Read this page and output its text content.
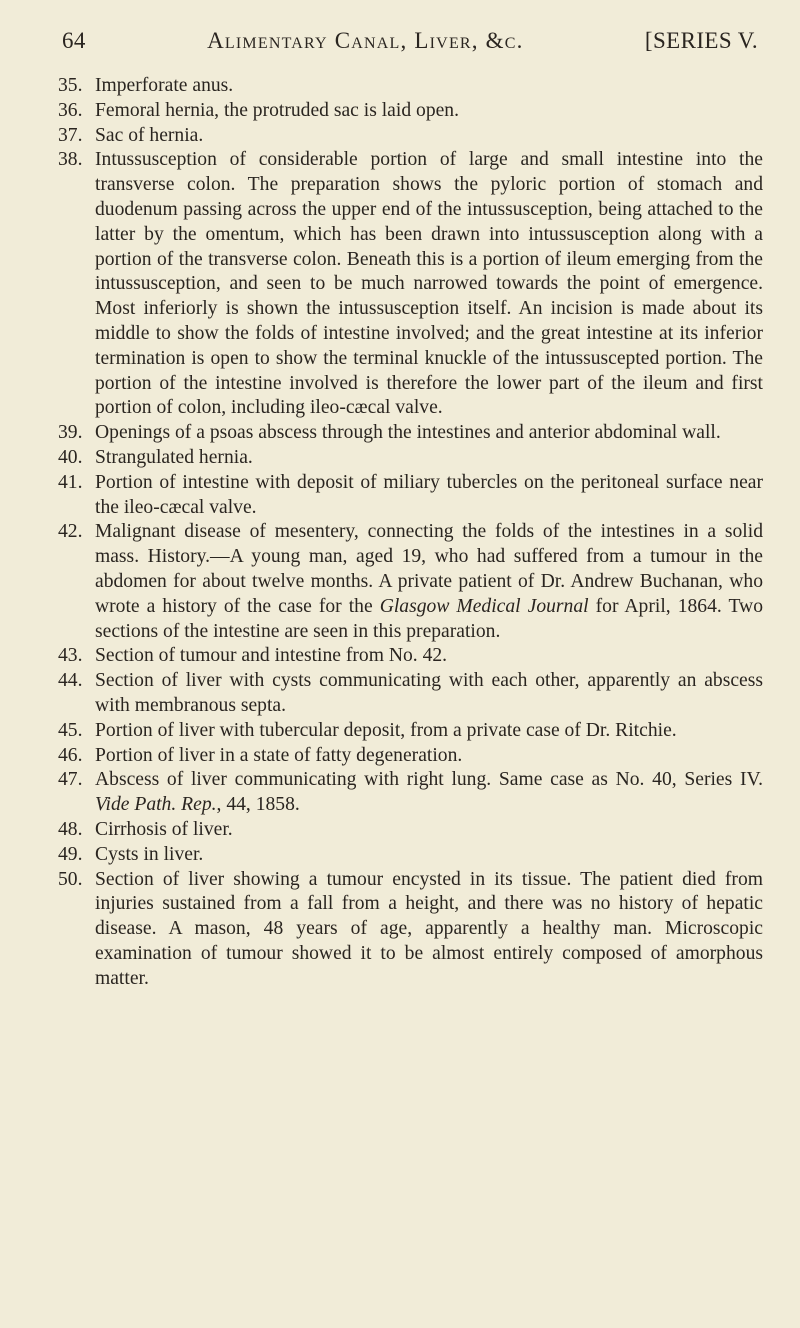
64	Alimentary Canal, Liver, &c.	[SERIES V.
35. Imperforate anus.

36. Femoral hernia, the protruded sac is laid open.

37. Sac of hernia.

38. Intussusception of considerable portion of large and small intestine into the transverse colon. The preparation shows the pyloric portion of stomach and duodenum passing across the upper end of the intussusception, being attached to the latter by the omentum, which has been drawn into intussusception along with a portion of the transverse colon. Beneath this is a portion of ileum emerging from the intussusception, and seen to be much narrowed towards the point of emergence. Most inferiorly is shown the intussusception itself. An incision is made about its middle to show the folds of intestine involved; and the great intestine at its inferior termination is open to show the terminal knuckle of the intussuscepted portion. The portion of the intestine involved is therefore the lower part of the ileum and first portion of colon, including ileo-cæcal valve.

39. Openings of a psoas abscess through the intestines and anterior abdominal wall.

40. Strangulated hernia.

41. Portion of intestine with deposit of miliary tubercles on the peritoneal surface near the ileo-cæcal valve.

42. Malignant disease of mesentery, connecting the folds of the intestines in a solid mass. History.—A young man, aged 19, who had suffered from a tumour in the abdomen for about twelve months. A private patient of Dr. Andrew Buchanan, who wrote a history of the case for the Glasgow Medical Journal for April, 1864. Two sections of the intestine are seen in this preparation.

43. Section of tumour and intestine from No. 42.

44. Section of liver with cysts communicating with each other, apparently an abscess with membranous septa.

45. Portion of liver with tubercular deposit, from a private case of Dr. Ritchie.

46. Portion of liver in a state of fatty degeneration.

47. Abscess of liver communicating with right lung. Same case as No. 40, Series IV. Vide Path. Rep., 44, 1858.

48. Cirrhosis of liver.

49. Cysts in liver.

50. Section of liver showing a tumour encysted in its tissue. The patient died from injuries sustained from a fall from a height, and there was no history of hepatic disease. A mason, 48 years of age, apparently a healthy man. Microscopic examination of tumour showed it to be almost entirely composed of amorphous matter.
